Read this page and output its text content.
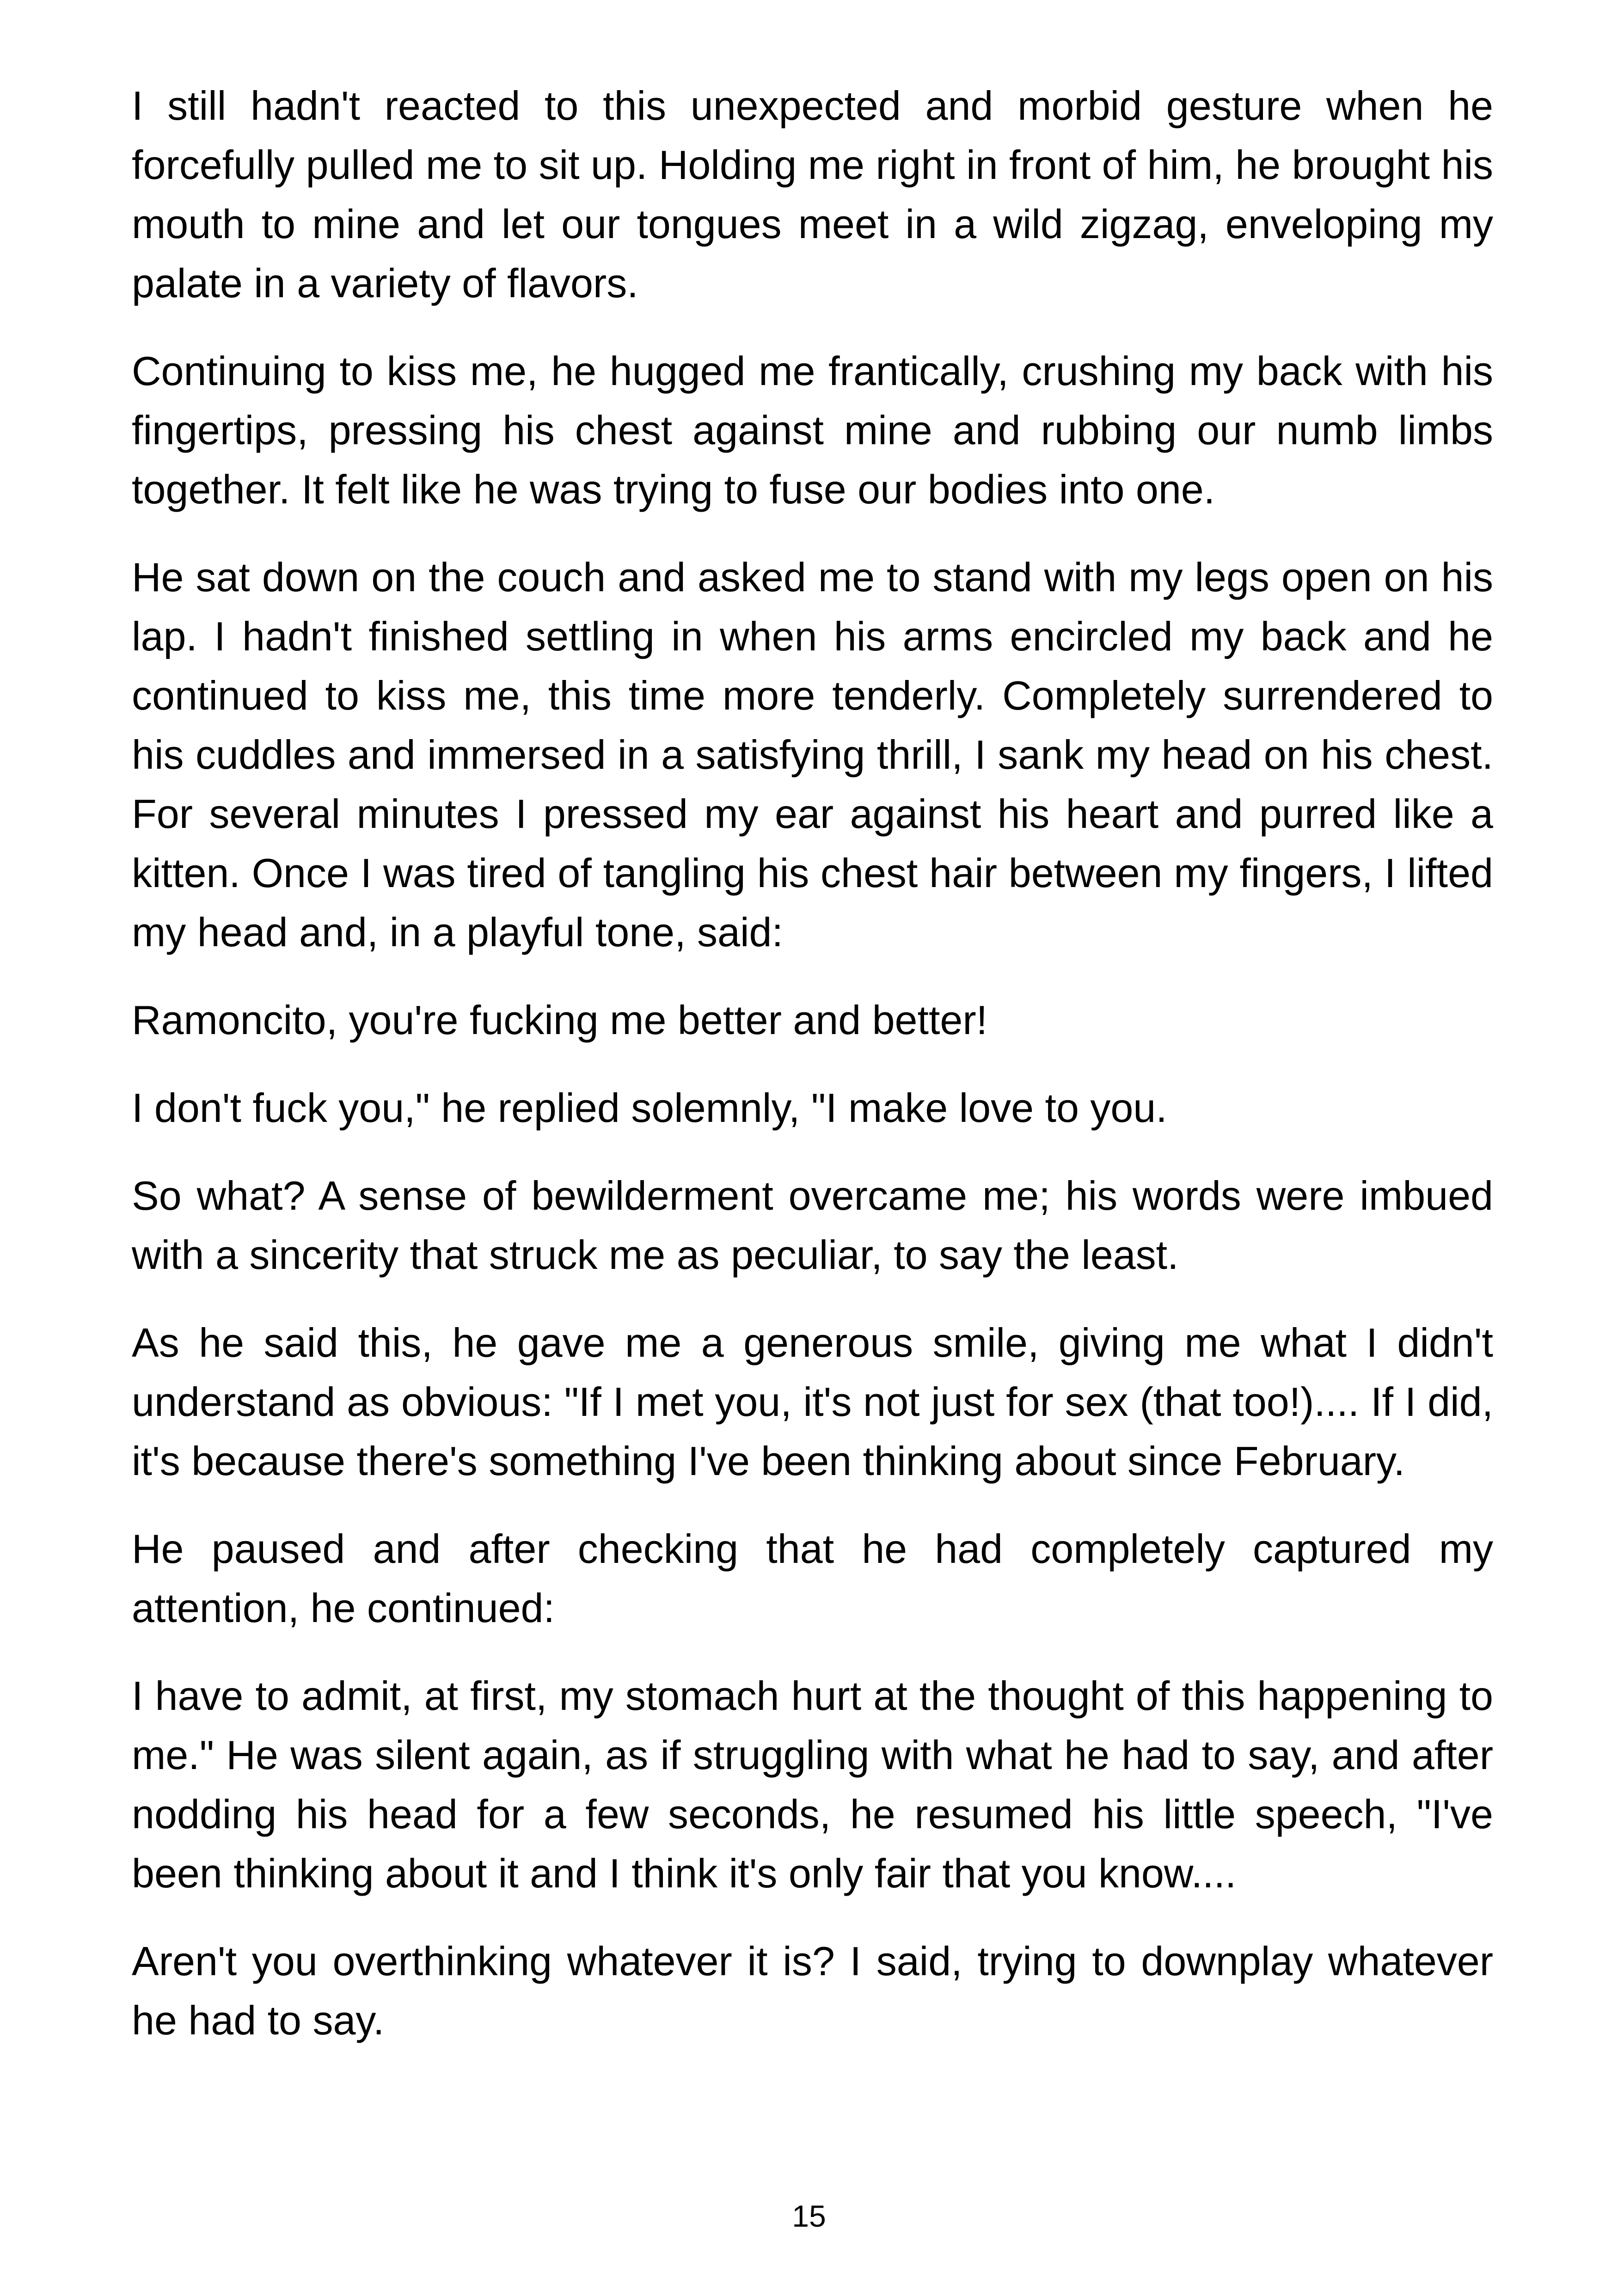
I still hadn't reacted to this unexpected and morbid gesture when he forcefully pulled me to sit up. Holding me right in front of him, he brought his mouth to mine and let our tongues meet in a wild zigzag, enveloping my palate in a variety of flavors.

Continuing to kiss me, he hugged me frantically, crushing my back with his fingertips, pressing his chest against mine and rubbing our numb limbs together. It felt like he was trying to fuse our bodies into one.

He sat down on the couch and asked me to stand with my legs open on his lap. I hadn't finished settling in when his arms encircled my back and he continued to kiss me, this time more tenderly. Completely surrendered to his cuddles and immersed in a satisfying thrill, I sank my head on his chest. For several minutes I pressed my ear against his heart and purred like a kitten. Once I was tired of tangling his chest hair between my fingers, I lifted my head and, in a playful tone, said:

Ramoncito, you're fucking me better and better!

I don't fuck you," he replied solemnly, "I make love to you.

So what? A sense of bewilderment overcame me; his words were imbued with a sincerity that struck me as peculiar, to say the least.

As he said this, he gave me a generous smile, giving me what I didn't understand as obvious: "If I met you, it's not just for sex (that too!).... If I did, it's because there's something I've been thinking about since February.

He paused and after checking that he had completely captured my attention, he continued:

I have to admit, at first, my stomach hurt at the thought of this happening to me." He was silent again, as if struggling with what he had to say, and after nodding his head for a few seconds, he resumed his little speech, "I've been thinking about it and I think it's only fair that you know....

Aren't you overthinking whatever it is? I said, trying to downplay whatever he had to say.

15
